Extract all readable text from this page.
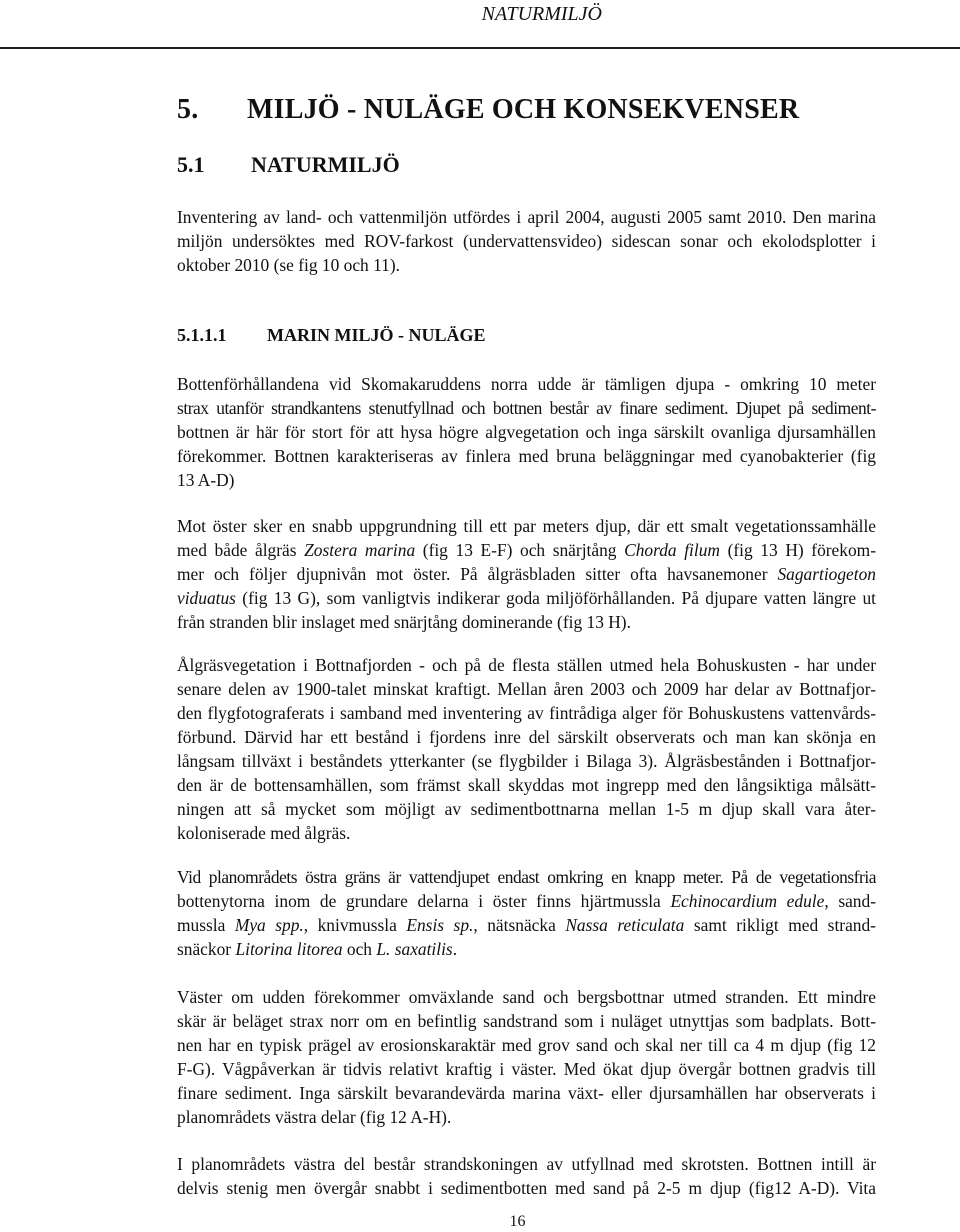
NATURMILJÖ
5. MILJÖ - NULÄGE OCH KONSEKVENSER
5.1 NATURMILJÖ

Inventering av land- och vattenmiljön utfördes i april 2004, augusti 2005 samt 2010. Den marina
miljön undersöktes med ROV-farkost (undervattensvideo) sidescan sonar och ekolodsplotter i
oktober 2010 (se fig 10 och 11).

5.1.1.1 MARIN MILJÖ - NULÄGE

Bottenförhållandena vid Skomakaruddens norra udde är tämligen djupa - omkring 10 meter
strax utanför strandkantens stenutfyllnad och bottnen består av finare sediment. Djupet på sediment-
bottnen är här för stort för att hysa högre algvegetation och inga särskilt ovanliga djursamhällen
förekommer. Bottnen karakteriseras av finlera med bruna beläggningar med cyanobakterier (fig
13 A-D)

Mot öster sker en snabb uppgrundning till ett par meters djup, där ett smalt vegetationssamhälle
med både ålgräs Zostera marina (fig 13 E-F) och snärjtång Chorda filum (fig 13 H) förekom-
mer och följer djupnivån mot öster. På ålgräsbladen sitter ofta havsanemoner Sagartiogeton
viduatus (fig 13 G), som vanligtvis indikerar goda miljöförhållanden. På djupare vatten längre ut
från stranden blir inslaget med snärjtång dominerande (fig 13 H).

Ålgräsvegetation i Bottnafjorden - och på de flesta ställen utmed hela Bohuskusten - har under
senare delen av 1900-talet minskat kraftigt. Mellan åren 2003 och 2009 har delar av Bottnafjor-
den flygfotograferats i samband med inventering av fintrådiga alger för Bohuskustens vattenvårds-
förbund. Därvid har ett bestånd i fjordens inre del särskilt observerats och man kan skönja en
långsam tillväxt i beståndets ytterkanter (se flygbilder i Bilaga 3). Ålgräsbestånden i Bottnafjor-
den är de bottensamhällen, som främst skall skyddas mot ingrepp med den långsiktiga målsätt-
ningen att så mycket som möjligt av sedimentbottnarna mellan 1-5 m djup skall vara åter-
koloniserade med ålgräs.

Vid planområdets östra gräns är vattendjupet endast omkring en knapp meter. På de vegetationsfria
bottenytorna inom de grundare delarna i öster finns hjärtmussla Echinocardium edule, sand-
mussla Mya spp., knivmussla Ensis sp., nätsnäcka Nassa reticulata samt rikligt med strand-
snäckor Litorina litorea och L. saxatilis.

Väster om udden förekommer omväxlande sand och bergsbottnar utmed stranden. Ett mindre
skär är beläget strax norr om en befintlig sandstrand som i nuläget utnyttjas som badplats. Bott-
nen har en typisk prägel av erosionskaraktär med grov sand och skal ner till ca 4 m djup (fig 12
F-G). Vågpåverkan är tidvis relativt kraftig i väster. Med ökat djup övergår bottnen gradvis till
finare sediment. Inga särskilt bevarandevärda marina växt- eller djursamhällen har observerats i
planområdets västra delar (fig 12 A-H).

I planområdets västra del består strandskoningen av utfyllnad med skrotsten. Bottnen intill är
delvis stenig men övergår snabbt i sedimentbotten med sand på 2-5 m djup (fig12 A-D). Vita

16
